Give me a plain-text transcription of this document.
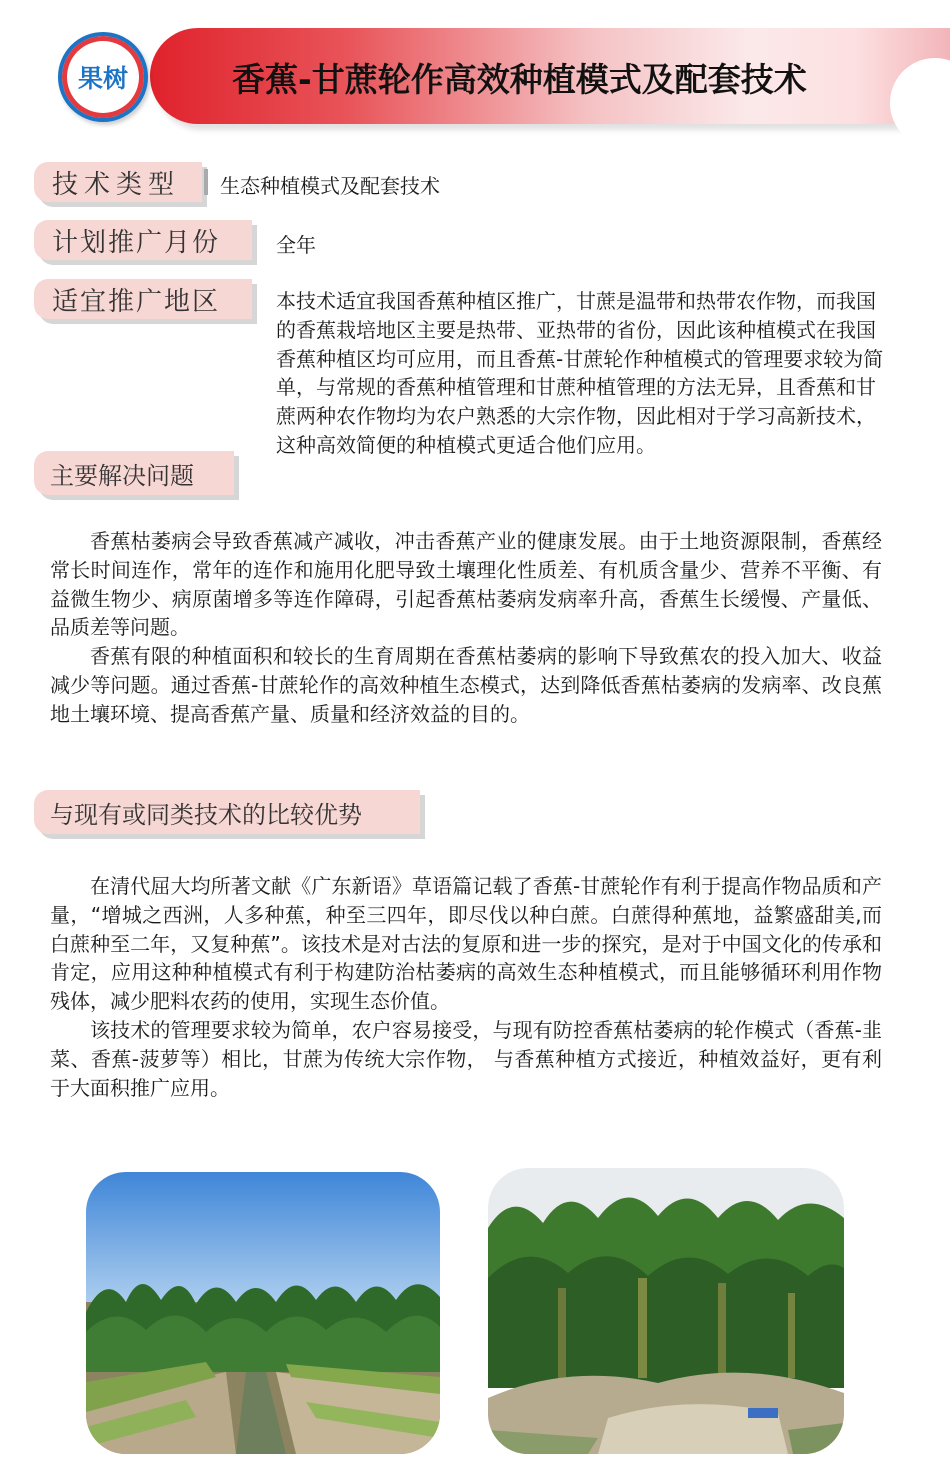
果树	香蕉-甘蔗轮作高效种植模式及配套技术
技术类型 生态种植模式及配套技术
计划推广月份	全年
适宜推广地区	本技术适宜我国香蕉种植区推广，甘蔗是温带和热带农作物，而我国的香蕉栽培地区主要是热带、亚热带的省份，因此该种植模式在我国香蕉种植区均可应用，而且香蕉-甘蔗轮作种植模式的管理要求较为简单，与常规的香蕉种植管理和甘蔗种植管理的方法无异，且香蕉和甘蔗两种农作物均为农户熟悉的大宗作物，因此相对于学习高新技术，这种高效简便的种植模式更适合他们应用。
主要解决问题

香蕉枯萎病会导致香蕉减产减收，冲击香蕉产业的健康发展。由于土地资源限制，香蕉经常长时间连作，常年的连作和施用化肥导致土壤理化性质差、有机质含量少、营养不平衡、有益微生物少、病原菌增多等连作障碍，引起香蕉枯萎病发病率升高，香蕉生长缓慢、产量低、品质差等问题。

香蕉有限的种植面积和较长的生育周期在香蕉枯萎病的影响下导致蕉农的投入加大、收益减少等问题。通过香蕉-甘蔗轮作的高效种植生态模式，达到降低香蕉枯萎病的发病率、改良蕉地土壤环境、提高香蕉产量、质量和经济效益的目的。

与现有或同类技术的比较优势

在清代屈大均所著文献《广东新语》草语篇记载了香蕉-甘蔗轮作有利于提高作物品质和产量，“增城之西洲，人多种蕉，种至三四年，即尽伐以种白蔗。白蔗得种蕉地，益繁盛甜美,而白蔗种至二年，又复种蕉”。该技术是对古法的复原和进一步的探究，是对于中国文化的传承和肯定，应用这种种植模式有利于构建防治枯萎病的高效生态种植模式，而且能够循环利用作物残体，减少肥料农药的使用，实现生态价值。

该技术的管理要求较为简单，农户容易接受，与现有防控香蕉枯萎病的轮作模式（香蕉-韭菜、香蕉-菠萝等）相比，甘蔗为传统大宗作物， 与香蕉种植方式接近，种植效益好，更有利于大面积推广应用。
